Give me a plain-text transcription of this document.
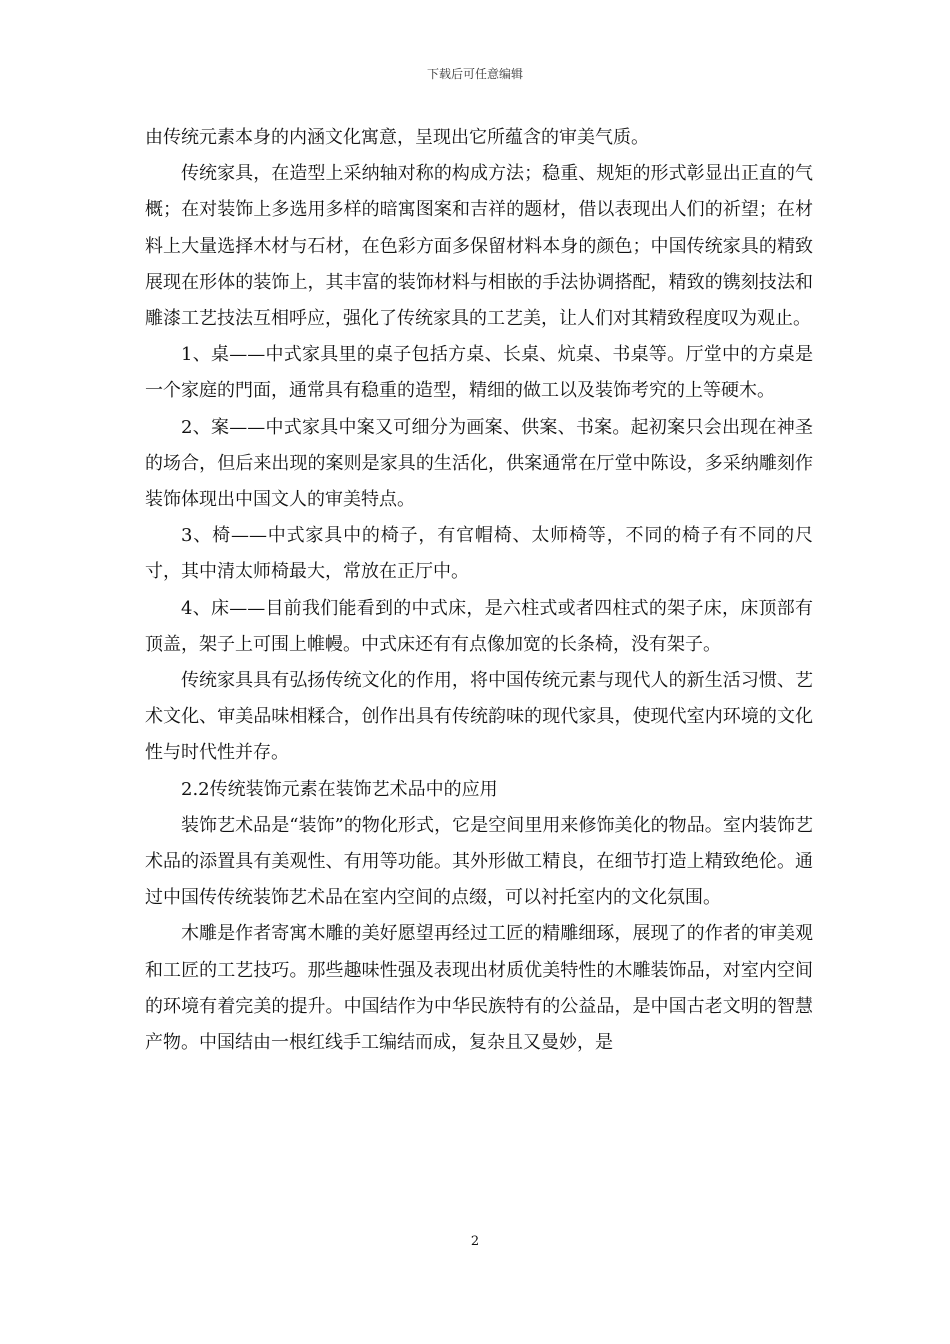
下载后可任意编辑

由传统元素本身的内涵文化寓意，呈现出它所蕴含的审美气质。

传统家具，在造型上采纳轴对称的构成方法；稳重、规矩的形式彰显出正直的气概；在对装饰上多选用多样的暗寓图案和吉祥的题材，借以表现出人们的祈望；在材料上大量选择木材与石材，在色彩方面多保留材料本身的颜色；中国传统家具的精致展现在形体的装饰上，其丰富的装饰材料与相嵌的手法协调搭配，精致的镌刻技法和雕漆工艺技法互相呼应，强化了传统家具的工艺美，让人们对其精致程度叹为观止。

1、桌——中式家具里的桌子包括方桌、长桌、炕桌、书桌等。厅堂中的方桌是一个家庭的門面，通常具有稳重的造型，精细的做工以及装饰考究的上等硬木。

2、案——中式家具中案又可细分为画案、供案、书案。起初案只会出现在神圣的场合，但后来出现的案则是家具的生活化，供案通常在厅堂中陈设，多采纳雕刻作装饰体现出中国文人的审美特点。

3、椅——中式家具中的椅子，有官帽椅、太师椅等，不同的椅子有不同的尺寸，其中清太师椅最大，常放在正厅中。

4、床——目前我们能看到的中式床，是六柱式或者四柱式的架子床，床顶部有顶盖，架子上可围上帷幔。中式床还有有点像加宽的长条椅，没有架子。

传统家具具有弘扬传统文化的作用，将中国传统元素与现代人的新生活习惯、艺术文化、审美品味相糅合，创作出具有传统韵味的现代家具，使现代室内环境的文化性与时代性并存。

2.2传统装饰元素在装饰艺术品中的应用

装饰艺术品是“装饰”的物化形式，它是空间里用来修饰美化的物品。室内装饰艺术品的添置具有美观性、有用等功能。其外形做工精良，在细节打造上精致绝伦。通过中国传传统装饰艺术品在室内空间的点缀，可以衬托室内的文化氛围。

木雕是作者寄寓木雕的美好愿望再经过工匠的精雕细琢，展现了的作者的审美观和工匠的工艺技巧。那些趣味性强及表现出材质优美特性的木雕装饰品，对室内空间的环境有着完美的提升。中国结作为中华民族特有的公益品，是中国古老文明的智慧产物。中国结由一根红线手工编结而成，复杂且又曼妙，是

2
